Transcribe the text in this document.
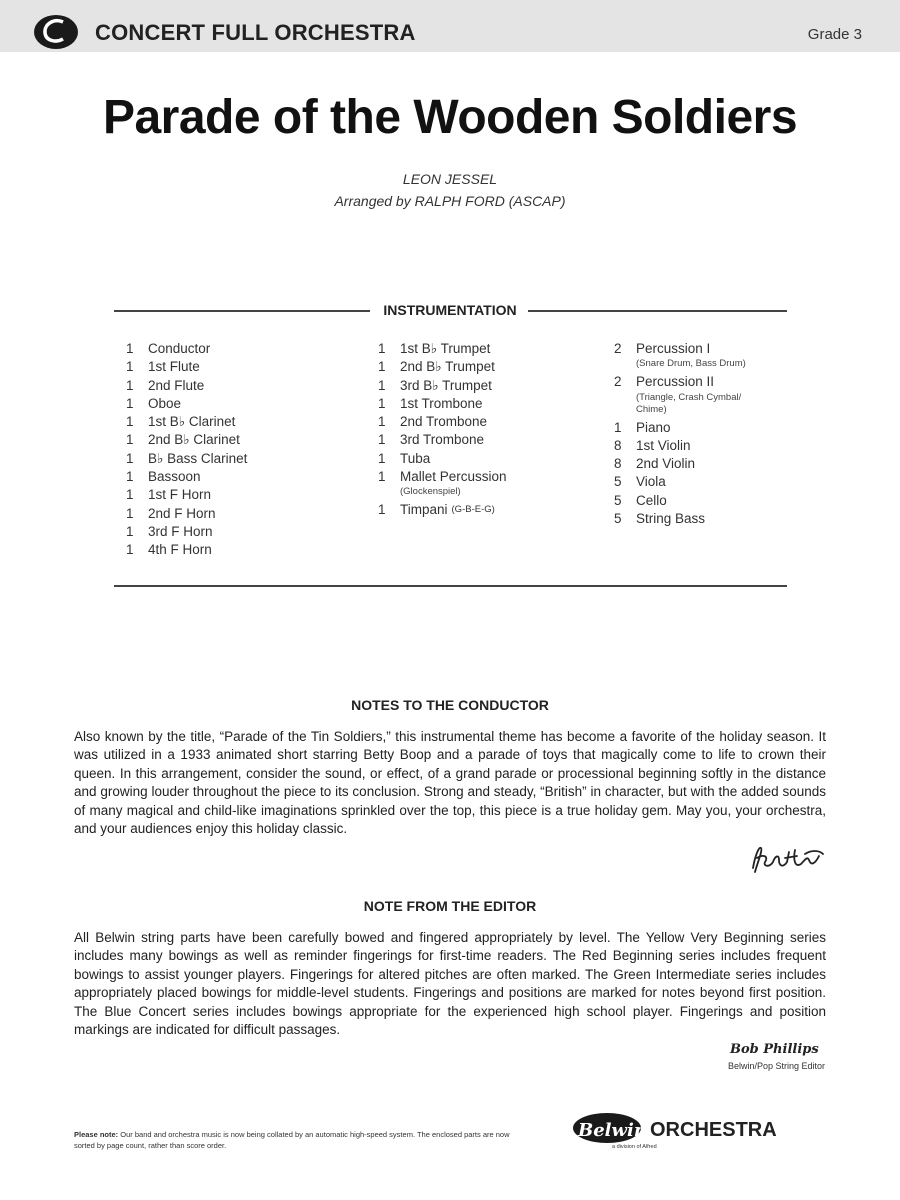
CONCERT FULL ORCHESTRA	Grade 3
Parade of the Wooden Soldiers
LEON JESSEL
Arranged by RALPH FORD (ASCAP)
INSTRUMENTATION
1	Conductor
1	1st Flute
1	2nd Flute
1	Oboe
1	1st B♭ Clarinet
1	2nd B♭ Clarinet
1	B♭ Bass Clarinet
1	Bassoon
1	1st F Horn
1	2nd F Horn
1	3rd F Horn
1	4th F Horn
1	1st B♭ Trumpet
1	2nd B♭ Trumpet
1	3rd B♭ Trumpet
1	1st Trombone
1	2nd Trombone
1	3rd Trombone
1	Tuba
1	Mallet Percussion
(Glockenspiel)
1	Timpani (G-B-E-G)
2	Percussion I
(Snare Drum, Bass Drum)
2	Percussion II
(Triangle, Crash Cymbal/ Chime)
1	Piano
8	1st Violin
8	2nd Violin
5	Viola
5	Cello
5	String Bass
NOTES TO THE CONDUCTOR
Also known by the title, “Parade of the Tin Soldiers,” this instrumental theme has become a favorite of the holiday season. It was utilized in a 1933 animated short starring Betty Boop and a parade of toys that magically come to life to crown their queen. In this arrangement, consider the sound, or effect, of a grand parade or processional beginning softly in the distance and growing louder throughout the piece to its conclusion. Strong and steady, “British” in character, but with the added sounds of many magical and child-like imaginations sprinkled over the top, this piece is a true holiday gem. May you, your orchestra, and your audiences enjoy this holiday classic.
NOTE FROM THE EDITOR
All Belwin string parts have been carefully bowed and fingered appropriately by level. The Yellow Very Beginning series includes many bowings as well as reminder fingerings for first-time readers. The Red Beginning series includes frequent bowings to assist younger players. Fingerings for altered pitches are often marked. The Green Intermediate series includes appropriately placed bowings for middle-level students. Fingerings and positions are marked for notes beyond first position. The Blue Concert series includes bowings appropriate for the experienced high school player. Fingerings and position markings are indicated for difficult passages.
Bob Phillips
Belwin/Pop String Editor
Please note: Our band and orchestra music is now being collated by an automatic high-speed system. The enclosed parts are now sorted by page count, rather than score order.
Belwin ORCHESTRA
a division of Alfred
